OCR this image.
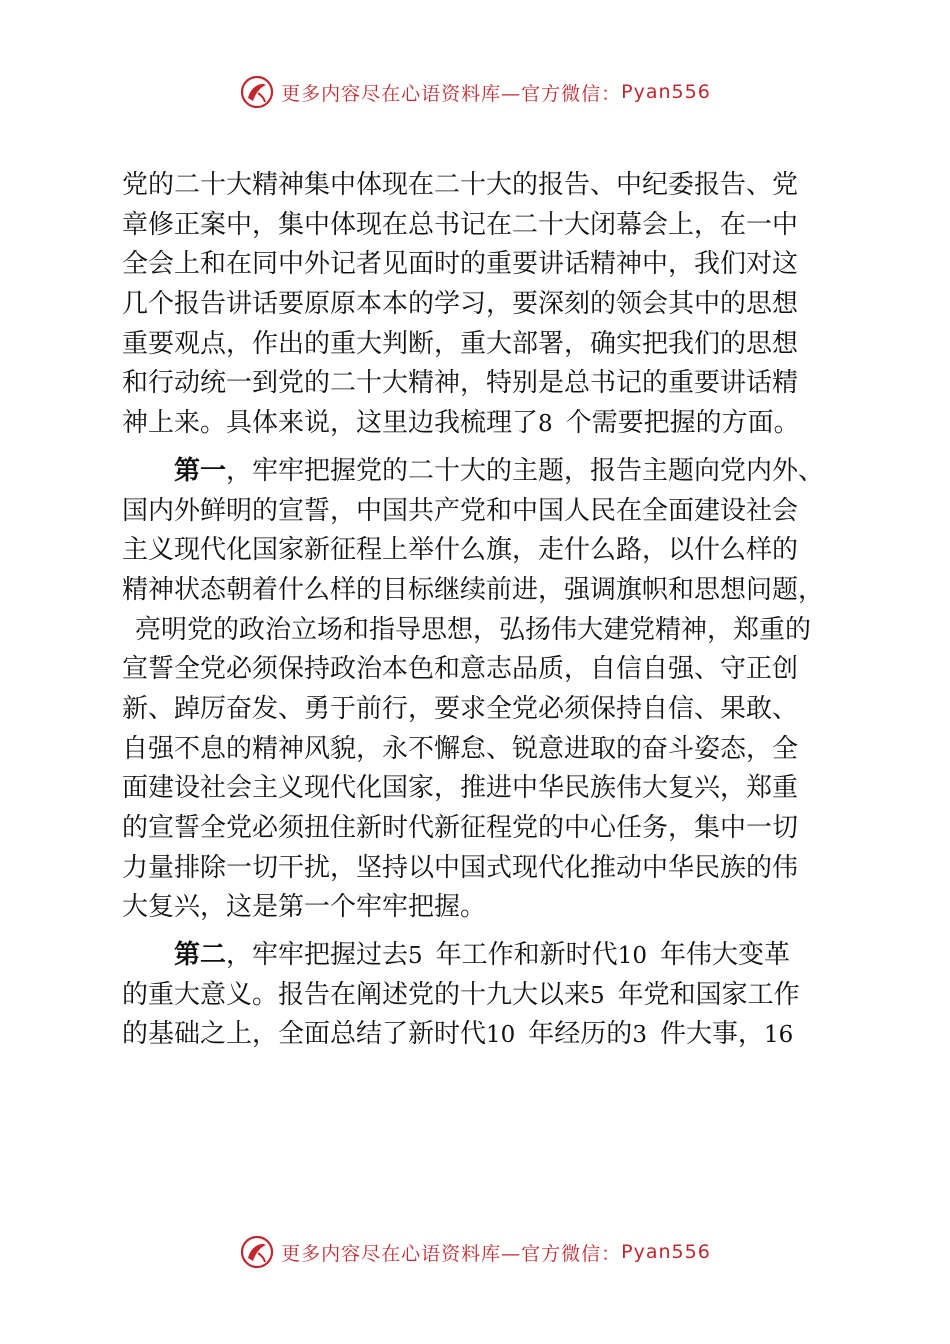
更多内容尽在心语资料库—官方微信： Pyan556
党的二十大精神集中体现在二十大的报告、中纪委报告、党
章修正案中，集中体现在总书记在二十大闭幕会上，在一中
全会上和在同中外记者见面时的重要讲话精神中，我们对这
几个报告讲话要原原本本的学习，要深刻的领会其中的思想
重要观点，作出的重大判断，重大部署，确实把我们的思想
和行动统一到党的二十大精神，特别是总书记的重要讲话精
神上来。具体来说，这里边我梳理了8  个需要把握的方面。
第一，牢牢把握党的二十大的主题，报告主题向党内外、
国内外鲜明的宣誓，中国共产党和中国人民在全面建设社会
主义现代化国家新征程上举什么旗，走什么路，以什么样的
精神状态朝着什么样的目标继续前进，强调旗帜和思想问题，
 亮明党的政治立场和指导思想，弘扬伟大建党精神，郑重的
宣誓全党必须保持政治本色和意志品质，自信自强、守正创
新、踔厉奋发、勇于前行，要求全党必须保持自信、果敢、
自强不息的精神风貌，永不懈怠、锐意进取的奋斗姿态，全
面建设社会主义现代化国家，推进中华民族伟大复兴，郑重
的宣誓全党必须扭住新时代新征程党的中心任务，集中一切
力量排除一切干扰，坚持以中国式现代化推动中华民族的伟
大复兴，这是第一个牢牢把握。
第二，牢牢把握过去5  年工作和新时代10  年伟大变革
的重大意义。报告在阐述党的十九大以来5  年党和国家工作
的基础之上，全面总结了新时代10  年经历的3  件大事，16
更多内容尽在心语资料库—官方微信： Pyan556
